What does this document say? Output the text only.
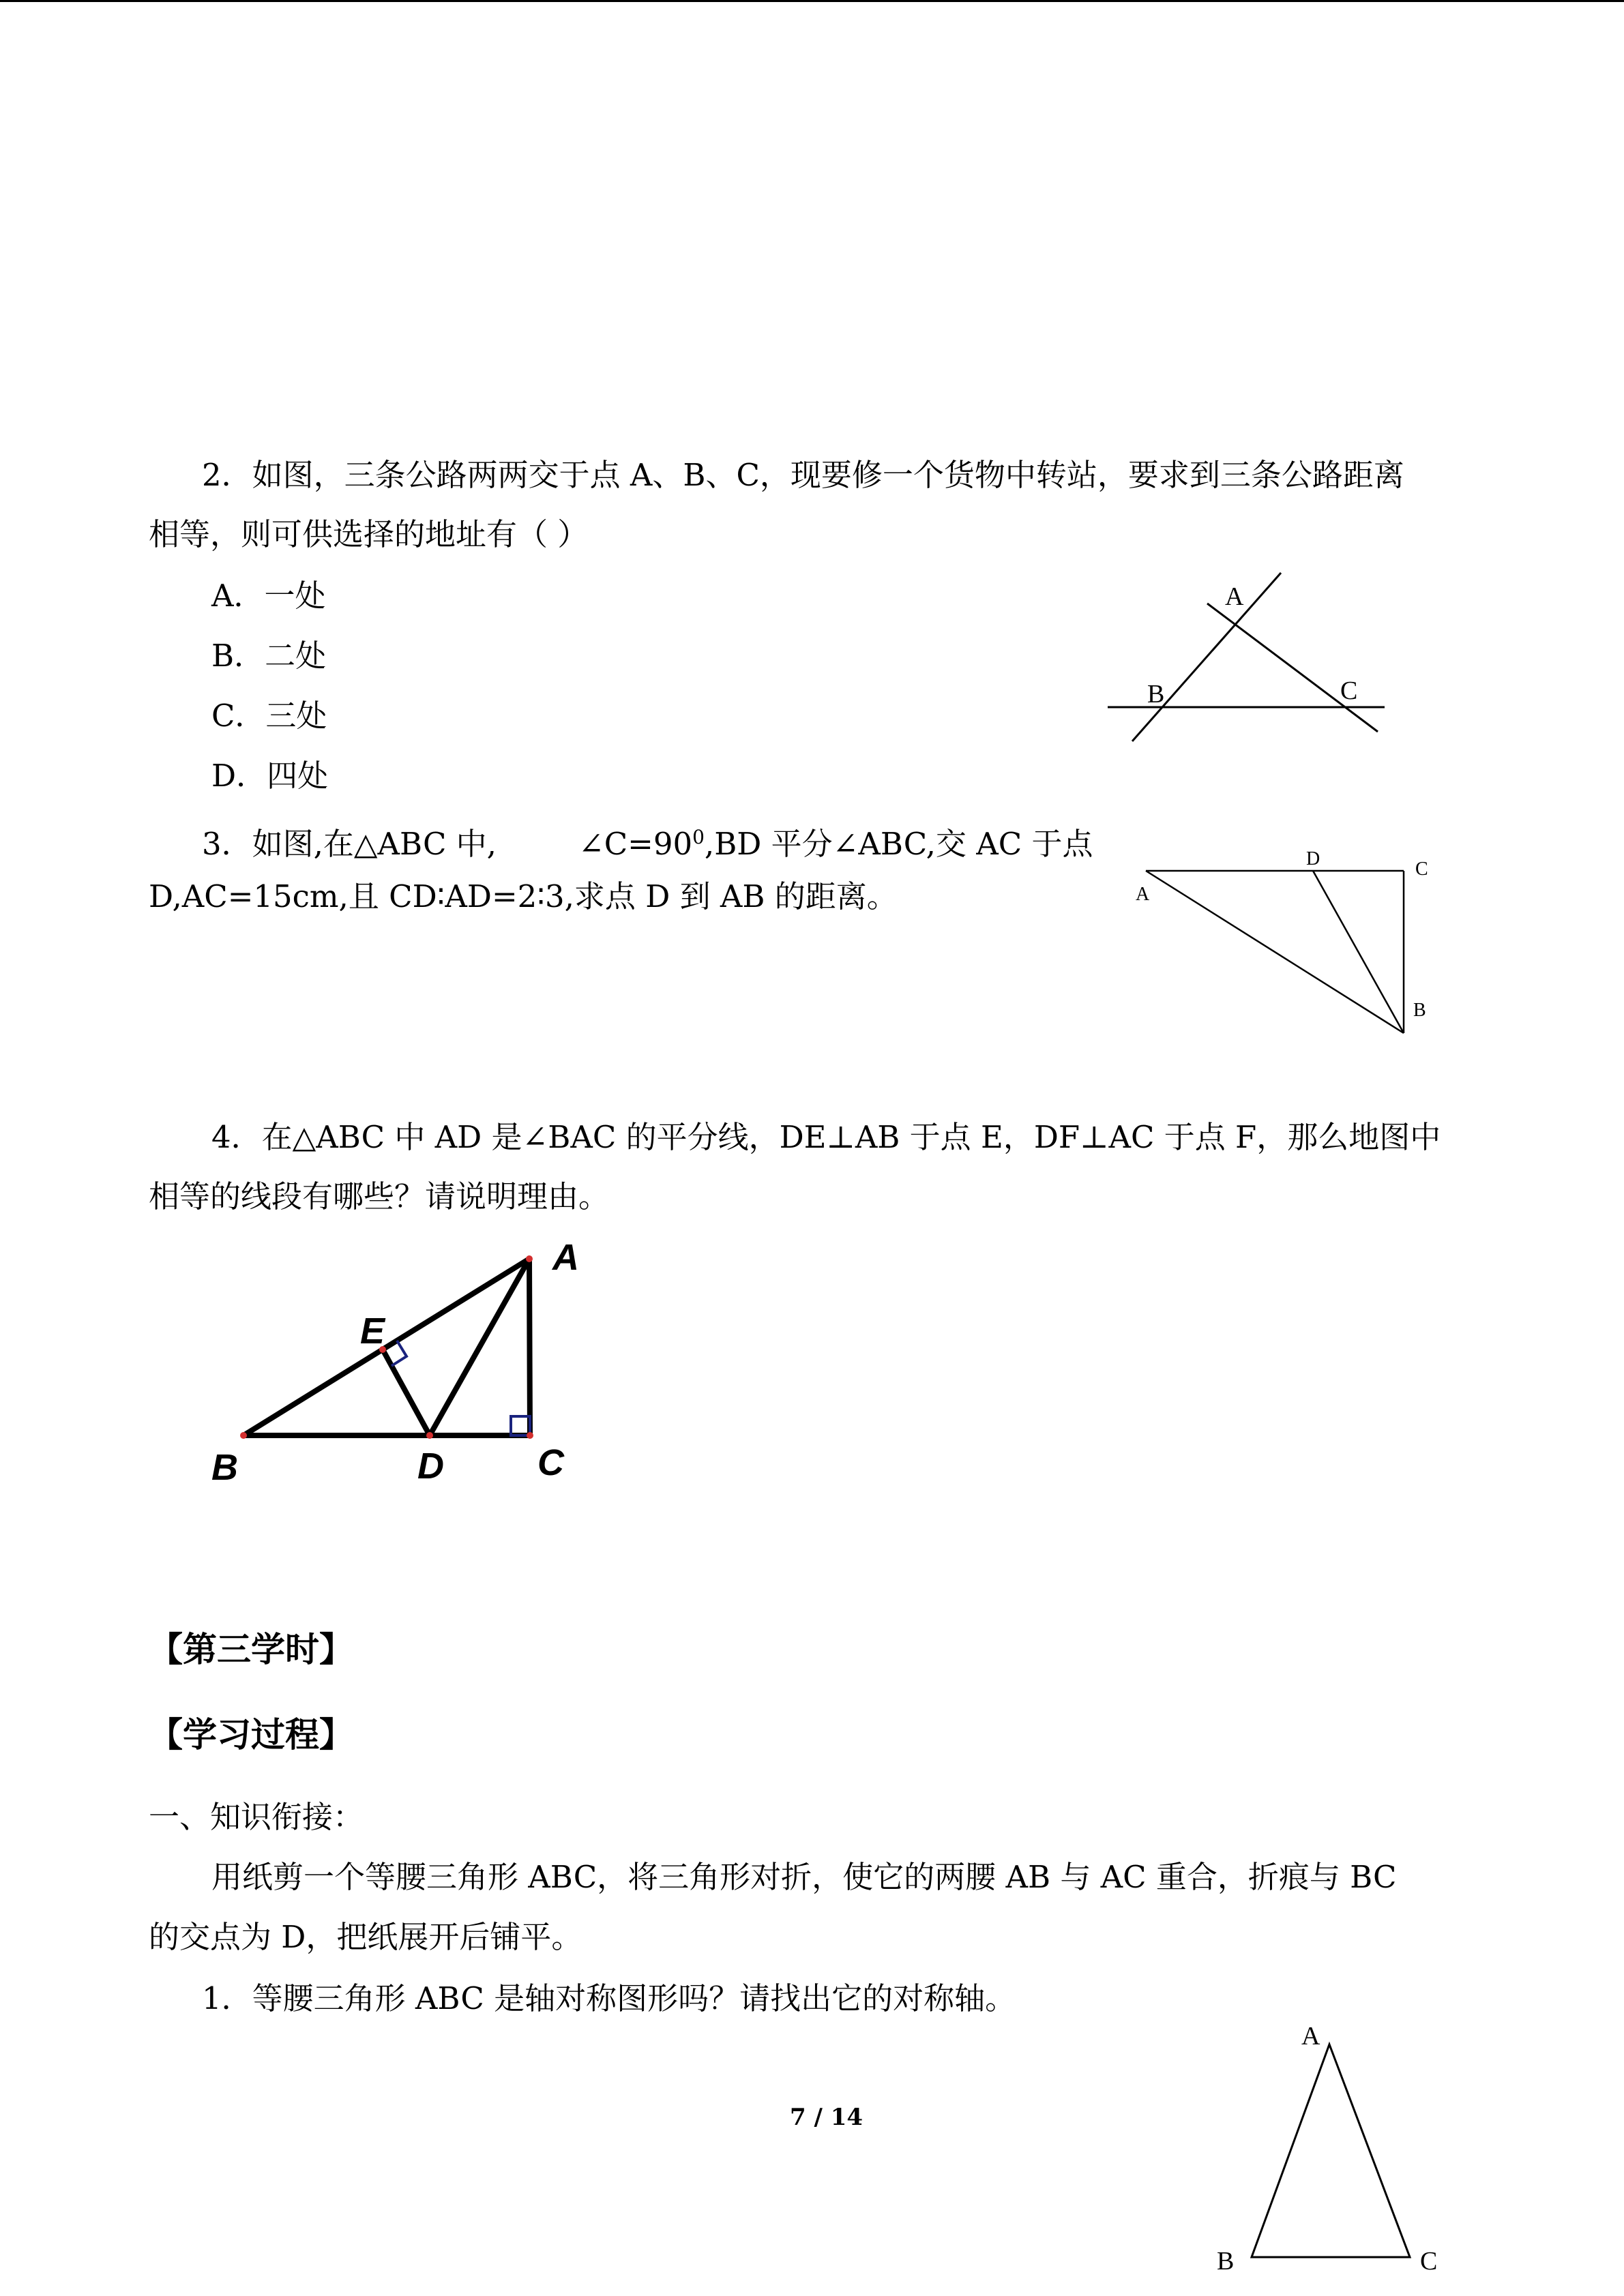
2．如图，三条公路两两交于点 A、B、C，现要修一个货物中转站，要求到三条公路距离
相等，则可供选择的地址有（ ）
A．一处
B．二处
C．三处
D．四处
A
B	C
3．如图,在△ABC 中,	$\angle C=90^0,BD$ 平分∠ABC,交 AC 于点
D,AC=15cm,且 CD∶AD=2∶3,求点 D 到 AB 的距离。	A
D	C
B
4．在△ABC 中 AD 是∠BAC 的平分线，DE⊥AB 于点 E，DF⊥AC 于点 F，那么地图中
相等的线段有哪些？请说明理由。
A
E
B	D	C
【第三学时】
【学习过程】
一、知识衔接：
用纸剪一个等腰三角形 ABC，将三角形对折，使它的两腰 AB 与 AC 重合，折痕与 BC
的交点为 D，把纸展开后铺平。
1．等腰三角形 ABC 是轴对称图形吗？请找出它的对称轴。
A
B	C
7 / 14
